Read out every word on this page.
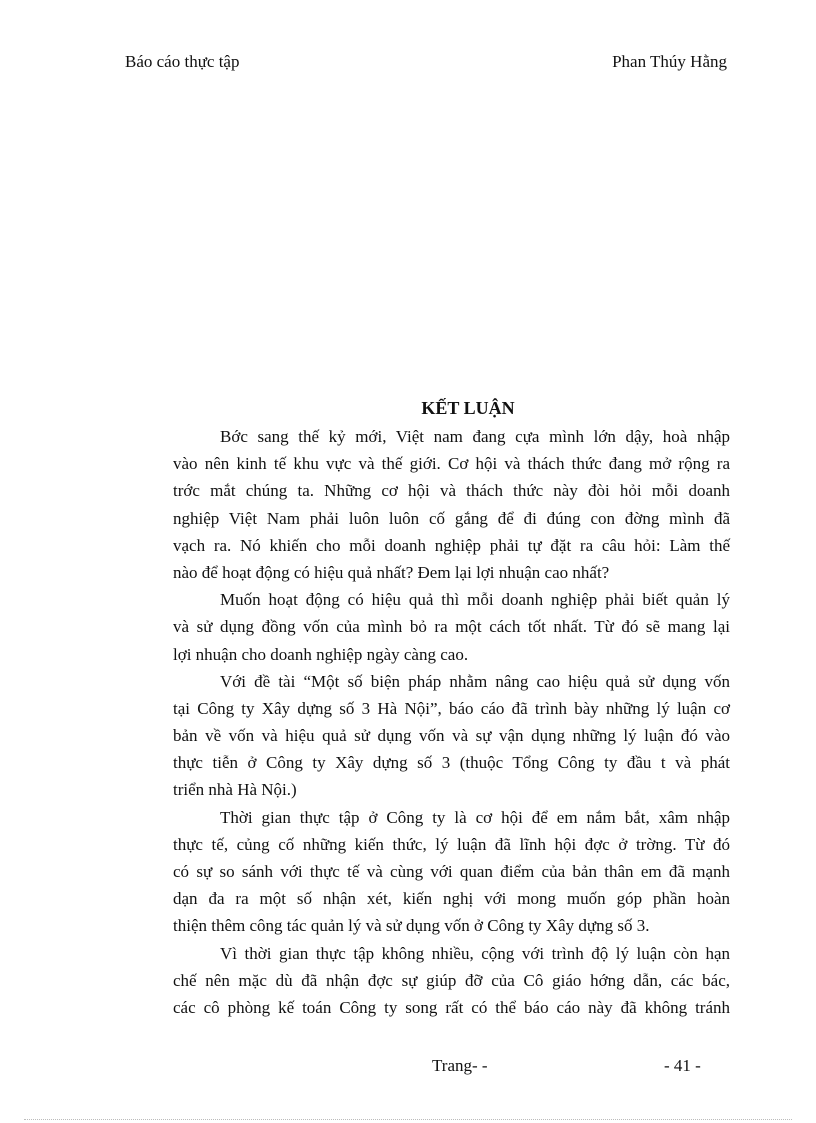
Báo cáo thực tập	Phan Thúy Hằng
KẾT LUẬN
Bớc sang thế kỷ mới, Việt nam đang cựa mình lớn dậy, hoà nhập
vào nên kinh tế khu vực và thế giới. Cơ hội và thách thức đang mở rộng ra
trớc mắt chúng ta. Những cơ hội và thách thức này đòi hỏi mỗi doanh
nghiệp Việt Nam phải luôn luôn cố gắng để đi đúng con đờng mình đã
vạch ra. Nó khiến cho mỗi doanh nghiệp phải tự đặt ra câu hỏi: Làm thế
nào để hoạt động có hiệu quả nhất? Đem lại lợi nhuận cao nhất?
Muốn hoạt động có hiệu quả thì mỗi doanh nghiệp phải biết quản lý
và sử dụng đồng vốn của mình bỏ ra một cách tốt nhất. Từ đó sẽ mang lại
lợi nhuận cho doanh nghiệp ngày càng cao.
Với đề tài “Một số biện pháp nhằm nâng cao hiệu quả sử dụng vốn
tại Công ty Xây dựng số 3 Hà Nội”, báo cáo đã trình bày những lý luận cơ
bản về vốn và hiệu quả sử dụng vốn và sự vận dụng những lý luận đó vào
thực tiễn ở Công ty Xây dựng số 3 (thuộc Tổng Công ty đầu t và phát
triển nhà Hà Nội.)
Thời gian thực tập ở Công ty là cơ hội để em nắm bắt, xâm nhập
thực tế, củng cố những kiến thức, lý luận đã lĩnh hội đợc ở trờng. Từ đó
có sự so sánh với thực tế và cùng với quan điểm của bản thân em đã mạnh
dạn đa ra một số nhận xét, kiến nghị với mong muốn góp phần hoàn
thiện thêm công tác quản lý và sử dụng vốn ở Công ty Xây dựng số 3.
Vì thời gian thực tập không nhiều, cộng với trình độ lý luận còn hạn
chế nên mặc dù đã nhận đợc sự giúp đỡ của Cô giáo hớng dẫn, các bác,
các cô phòng kế toán Công ty song rất có thể báo cáo này đã không tránh
Trang- -	- 41 -
